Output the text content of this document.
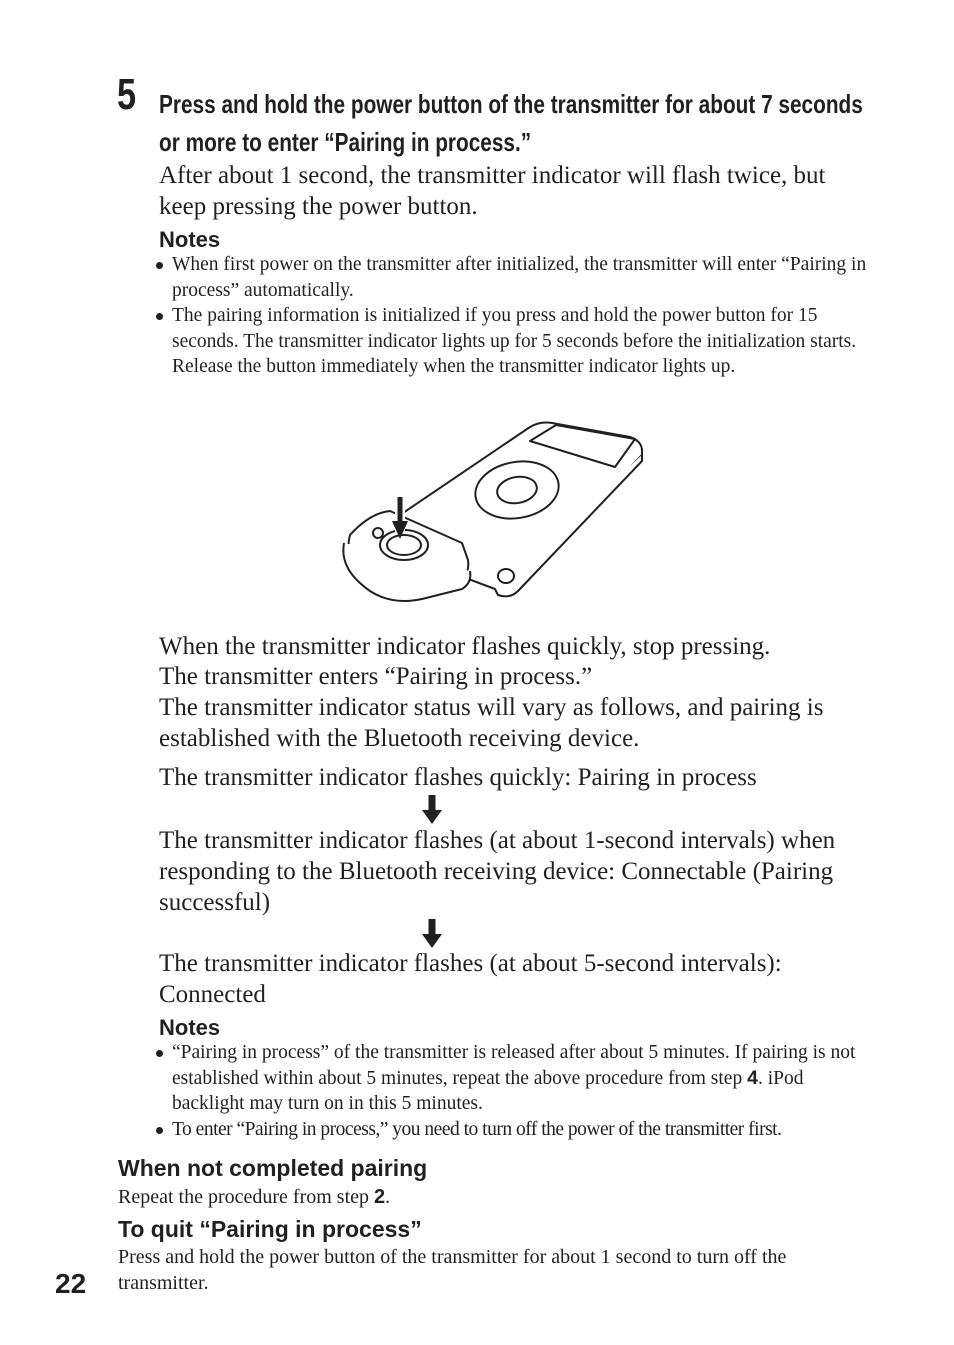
5 Press and hold the power button of the transmitter for about 7 seconds or more to enter “Pairing in process.”

After about 1 second, the transmitter indicator will flash twice, but keep pressing the power button.

Notes
When first power on the transmitter after initialized, the transmitter will enter “Pairing in process” automatically.
The pairing information is initialized if you press and hold the power button for 15 seconds. The transmitter indicator lights up for 5 seconds before the initialization starts. Release the button immediately when the transmitter indicator lights up.

When the transmitter indicator flashes quickly, stop pressing.

The transmitter enters “Pairing in process.”

The transmitter indicator status will vary as follows, and pairing is established with the Bluetooth receiving device.

The transmitter indicator flashes quickly: Pairing in process

The transmitter indicator flashes (at about 1-second intervals) when responding to the Bluetooth receiving device: Connectable (Pairing successful)

The transmitter indicator flashes (at about 5-second intervals): Connected

Notes
“Pairing in process” of the transmitter is released after about 5 minutes. If pairing is not established within about 5 minutes, repeat the above procedure from step 4. iPod backlight may turn on in this 5 minutes.
To enter “Pairing in process,” you need to turn off the power of the transmitter first.
When not completed pairing

Repeat the procedure from step 2.

To quit “Pairing in process”

Press and hold the power button of the transmitter for about 1 second to turn off the transmitter.

22
